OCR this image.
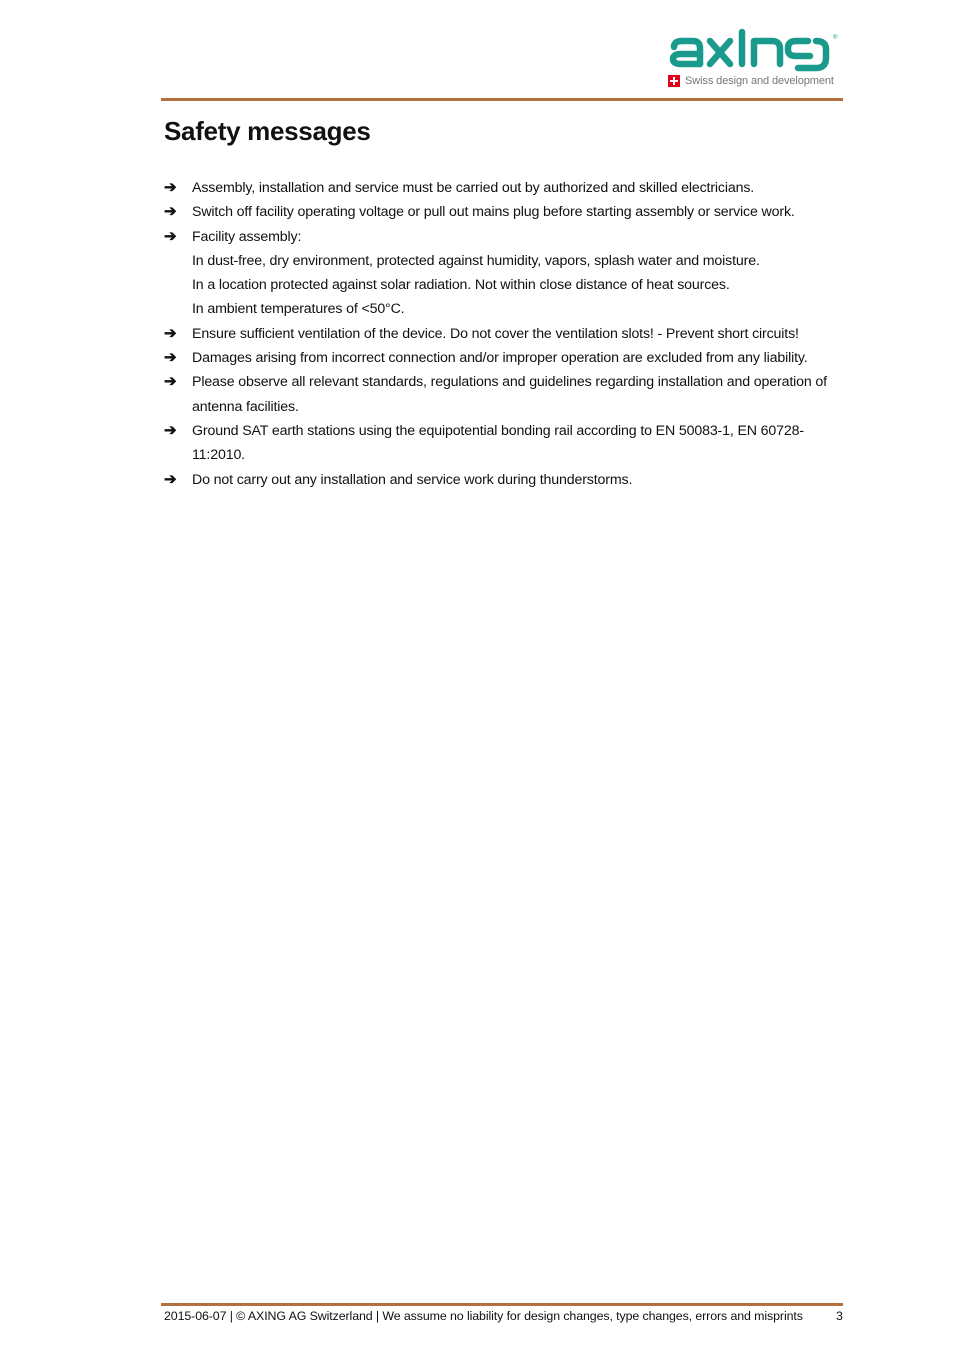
®
Swiss design and development
Safety messages
➔	Assembly, installation and service must be carried out by authorized and skilled electricians.
➔	Switch off facility operating voltage or pull out mains plug before starting assembly or service work.
➔	Facility assembly:
In dust-free, dry environment, protected against humidity, vapors, splash water and moisture.
In a location protected against solar radiation. Not within close distance of heat sources.
In ambient temperatures of <50°C.
➔	Ensure sufficient ventilation of the device. Do not cover the ventilation slots! - Prevent short circuits!
➔	Damages arising from incorrect connection and/or improper operation are excluded from any liability.
➔	Please observe all relevant standards, regulations and guidelines regarding installation and operation of
antenna facilities.
➔	Ground SAT earth stations using the equipotential bonding rail according to EN 50083-1, EN 60728-
11:2010.
➔	Do not carry out any installation and service work during thunderstorms.
2015-06-07 | © AXING AG Switzerland | We assume no liability for design changes, type changes, errors and misprints	3
